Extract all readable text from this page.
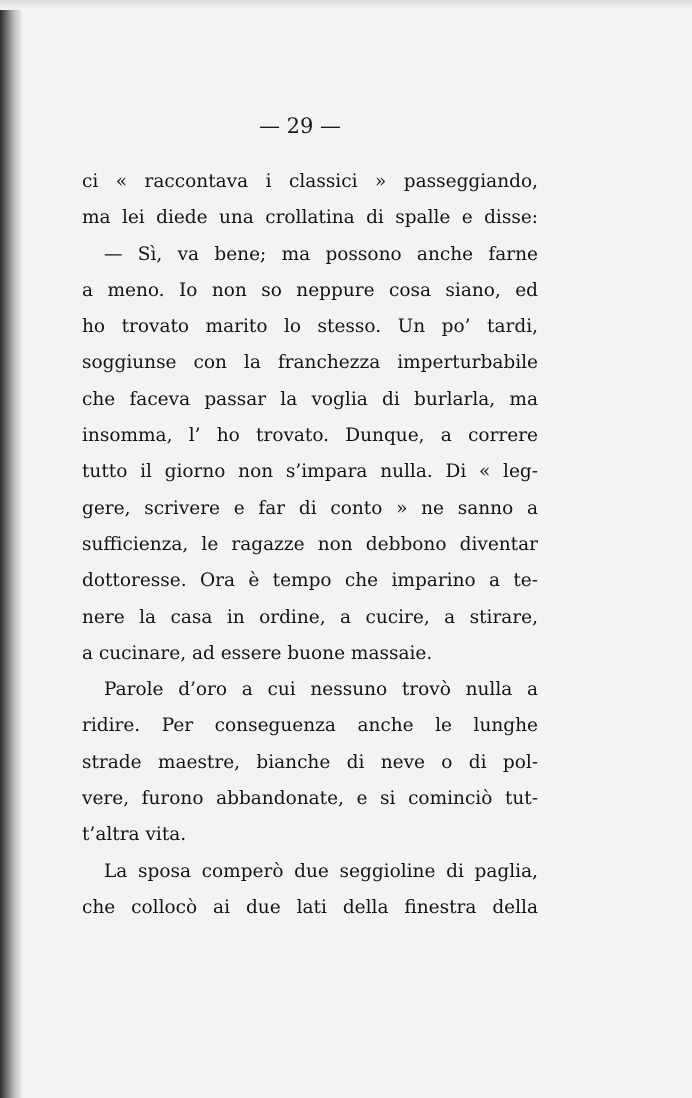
— 29 —

ci « raccontava i classici » passeggiando,
ma lei diede una crollatina di spalle e disse:
— Sì, va bene; ma possono anche farne
a meno. Io non so neppure cosa siano, ed
ho trovato marito lo stesso. Un po’ tardi,
soggiunse con la franchezza imperturbabile
che faceva passar la voglia di burlarla, ma
insomma, l’ ho trovato. Dunque, a correre
tutto il giorno non s’impara nulla. Di « leg-
gere, scrivere e far di conto » ne sanno a
sufficienza, le ragazze non debbono diventar
dottoresse. Ora è tempo che imparino a te-
nere la casa in ordine, a cucire, a stirare,
a cucinare, ad essere buone massaie.
Parole d’oro a cui nessuno trovò nulla a
ridire. Per conseguenza anche le lunghe
strade maestre, bianche di neve o di pol-
vere, furono abbandonate, e si cominciò tut-
t’altra vita.
La sposa comperò due seggioline di paglia,
che collocò ai due lati della finestra della
